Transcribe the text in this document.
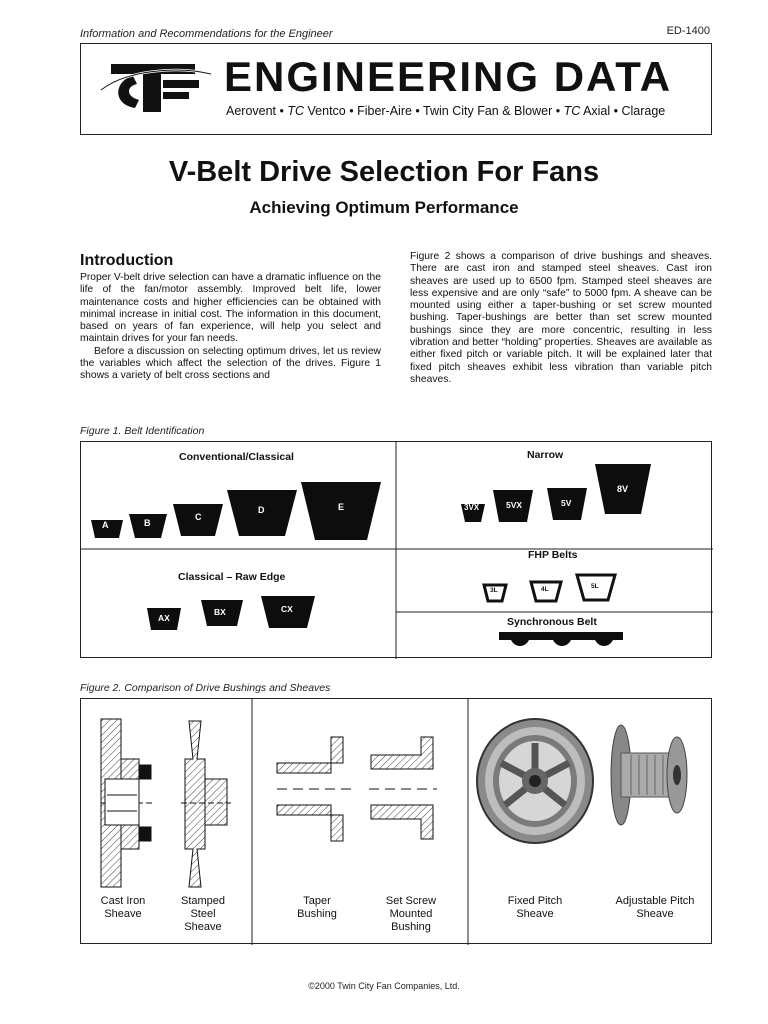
Information and Recommendations for the Engineer	ED-1400
ENGINEERING DATA
Aerovent • TC Ventco • Fiber-Aire • Twin City Fan & Blower • TC Axial • Clarage
V-Belt Drive Selection For Fans
Achieving Optimum Performance
Introduction

Proper V-belt drive selection can have a dramatic influence on the life of the fan/motor assembly. Improved belt life, lower maintenance costs and higher efficiencies can be obtained with minimal increase in initial cost. The information in this document, based on years of fan experience, will help you select and maintain drives for your fan needs.

Before a discussion on selecting optimum drives, let us review the variables which affect the selection of the drives. Figure 1 shows a variety of belt cross sections and

Figure 2 shows a comparison of drive bushings and sheaves. There are cast iron and stamped steel sheaves. Cast iron sheaves are used up to 6500 fpm. Stamped steel sheaves are less expensive and are only “safe” to 5000 fpm. A sheave can be mounted using either a taper-bushing or set screw mounted bushing. Taper-bushings are better than set screw mounted bushings since they are more concentric, resulting in less vibration and better “holding” properties. Sheaves are available as either fixed pitch or variable pitch. It will be explained later that fixed pitch sheaves exhibit less vibration than variable pitch sheaves.

Figure 1. Belt Identification
Conventional/Classical	Narrow
Classical – Raw Edge
FHP Belts
Synchronous Belt
A	B
C
D	E	3VX	5VX	5V
8V
AX
BX	CX
3L	4L	5L
Figure 2. Comparison of Drive Bushings and Sheaves
Cast Iron
Sheave
Stamped
Steel
Sheave
Taper
Bushing
Set Screw
Mounted
Bushing
Fixed Pitch
Sheave
Adjustable Pitch
Sheave
©2000 Twin City Fan Companies, Ltd.
